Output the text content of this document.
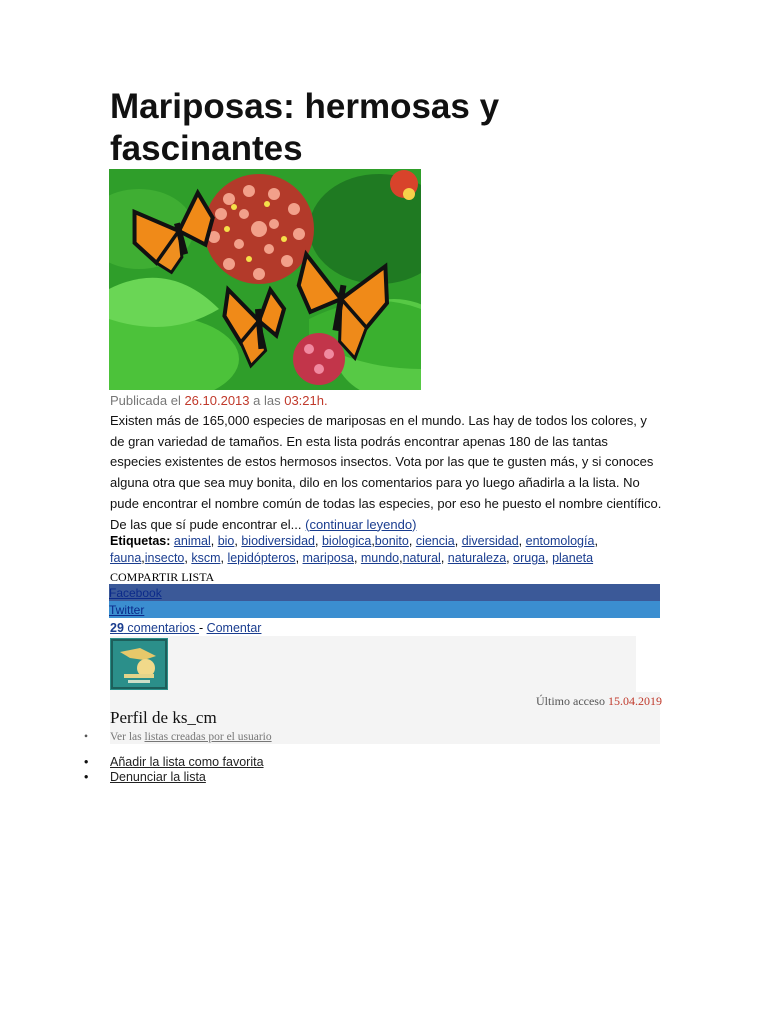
Mariposas: hermosas y fascinantes
Publicada el 26.10.2013 a las 03:21h.
Existen más de 165,000 especies de mariposas en el mundo. Las hay de todos los colores, y de gran variedad de tamaños. En esta lista podrás encontrar apenas 180 de las tantas especies existentes de estos hermosos insectos. Vota por las que te gusten más, y si conoces alguna otra que sea muy bonita, dilo en los comentarios para yo luego añadirla a la lista. No pude encontrar el nombre común de todas las especies, por eso he puesto el nombre científico. De las que sí pude encontrar el... (continuar leyendo)
Etiquetas: animal, bio, biodiversidad, biologica,bonito, ciencia, diversidad, entomología, fauna,insecto, kscm, lepidópteros, mariposa, mundo,natural, naturaleza, oruga, planeta
COMPARTIR LISTA
Facebook
Twitter
29 comentarios - Comentar
Último acceso 15.04.2019
Perfil de ks_cm
• Ver las listas creadas por el usuario
• Añadir la lista como favorita
• Denunciar la lista
